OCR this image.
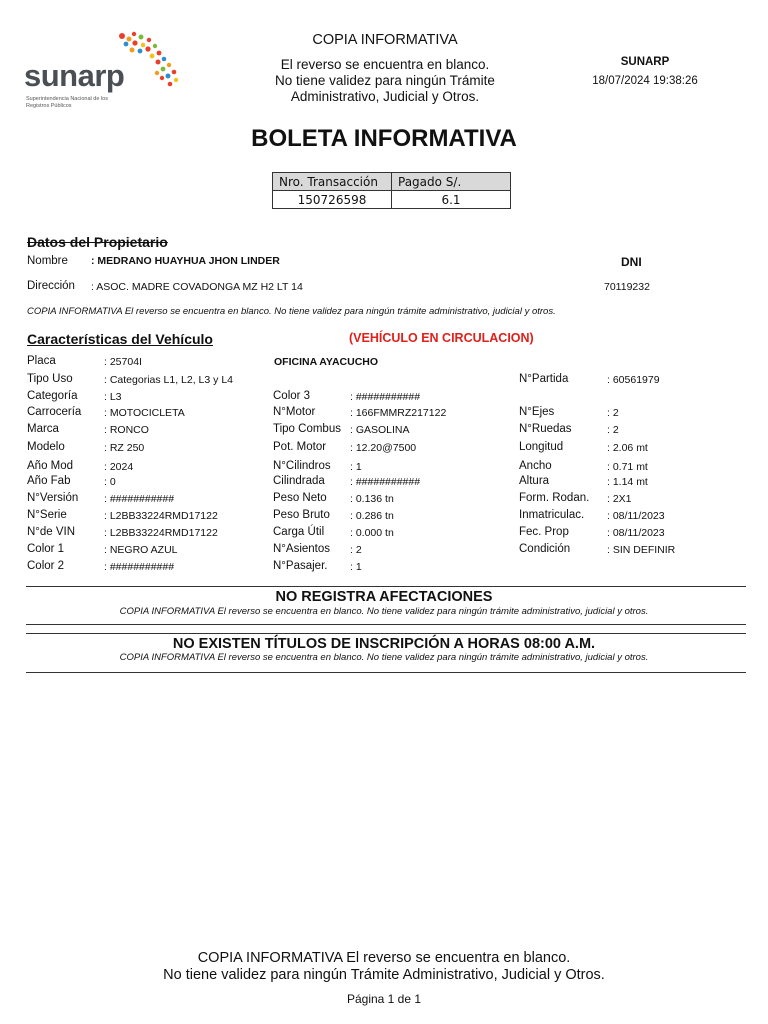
sunarp
Superintendencia Nacional de los Registros Públicos
COPIA INFORMATIVA
El reverso se encuentra en blanco.
No tiene validez para ningún Trámite
Administrativo, Judicial y Otros.
SUNARP
18/07/2024 19:38:26
BOLETA INFORMATIVA
Nro. Transacción	Pagado S/.
150726598	6.1
Datos del Propietario
Nombre : MEDRANO HUAYHUA JHON LINDER	DNI
Dirección : ASOC. MADRE COVADONGA MZ H2 LT 14	70119232
COPIA INFORMATIVA El reverso se encuentra en blanco. No tiene validez para ningún trámite administrativo, judicial y otros.
Características del Vehículo	(VEHÍCULO EN CIRCULACION)
OFICINA AYACUCHO
Placa	: 25704I
Tipo Uso	: Categorias L1, L2, L3 y L4
Categoría	: L3
Carrocería : MOTOCICLETA
Marca	: RONCO
Modelo	: RZ 250
Año Mod	: 2024
Año Fab	: 0
N°Versión : ###########
N°Serie	: L2BB33224RMD17122
N°de VIN	: L2BB33224RMD17122
Color 1	: NEGRO AZUL
Color 2	: ###########
Color 3	: ###########
N°Motor	: 166FMMRZ217122
Tipo Combus : GASOLINA
Pot. Motor : 12.20@7500
N°Cilindros : 1
Cilindrada : ###########
Peso Neto : 0.136 tn
Peso Bruto : 0.286 tn
Carga Útil : 0.000 tn
N°Asientos : 2
N°Pasajer. : 1
N°Partida	: 60561979
N°Ejes	: 2
N°Ruedas	: 2
Longitud	: 2.06 mt
Ancho	: 0.71 mt
Altura	: 1.14 mt
Form. Rodan. : 2X1
Inmatriculac. : 08/11/2023
Fec. Prop	: 08/11/2023
Condición	: SIN DEFINIR
NO REGISTRA AFECTACIONES
COPIA INFORMATIVA El reverso se encuentra en blanco. No tiene validez para ningún trámite administrativo, judicial y otros.
NO EXISTEN TÍTULOS DE INSCRIPCIÓN A HORAS 08:00 A.M.
COPIA INFORMATIVA El reverso se encuentra en blanco. No tiene validez para ningún trámite administrativo, judicial y otros.
COPIA INFORMATIVA El reverso se encuentra en blanco.
No tiene validez para ningún Trámite Administrativo, Judicial y Otros.
Página 1 de 1
